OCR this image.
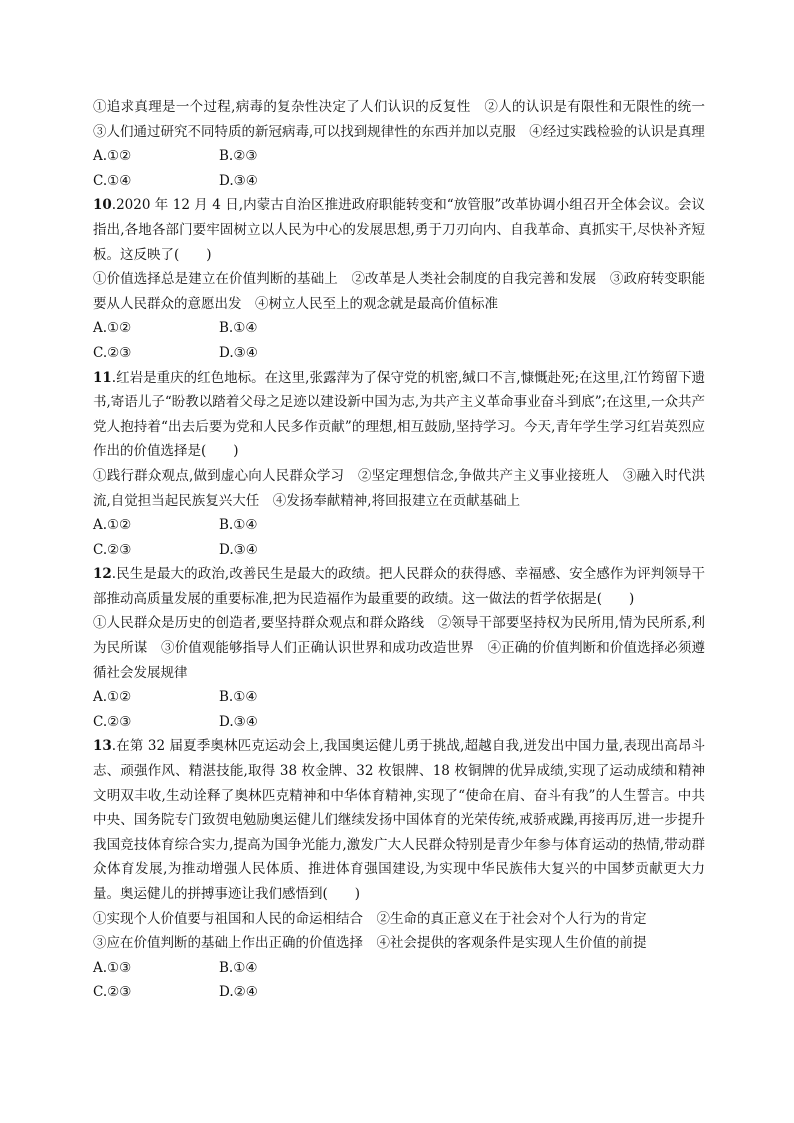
①追求真理是一个过程,病毒的复杂性决定了人们认识的反复性　②人的认识是有限性和无限性的统一　③人们通过研究不同特质的新冠病毒,可以找到规律性的东西并加以克服　④经过实践检验的认识是真理

A.①②	B.②③
C.①④	D.③④

10.2020 年 12 月 4 日,内蒙古自治区推进政府职能转变和“放管服”改革协调小组召开全体会议。会议指出,各地各部门要牢固树立以人民为中心的发展思想,勇于刀刃向内、自我革命、真抓实干,尽快补齐短板。这反映了(　　)

①价值选择总是建立在价值判断的基础上　②改革是人类社会制度的自我完善和发展　③政府转变职能要从人民群众的意愿出发　④树立人民至上的观念就是最高价值标准

A.①②	B.①④
C.②③	D.③④

11.红岩是重庆的红色地标。在这里,张露萍为了保守党的机密,缄口不言,慷慨赴死;在这里,江竹筠留下遗书,寄语儿子“盼教以踏着父母之足迹以建设新中国为志,为共产主义革命事业奋斗到底”;在这里,一众共产党人抱持着“出去后要为党和人民多作贡献”的理想,相互鼓励,坚持学习。今天,青年学生学习红岩英烈应作出的价值选择是(　　)

①践行群众观点,做到虚心向人民群众学习　②坚定理想信念,争做共产主义事业接班人　③融入时代洪流,自觉担当起民族复兴大任　④发扬奉献精神,将回报建立在贡献基础上

A.①②	B.①④
C.②③	D.③④

12.民生是最大的政治,改善民生是最大的政绩。把人民群众的获得感、幸福感、安全感作为评判领导干部推动高质量发展的重要标准,把为民造福作为最重要的政绩。这一做法的哲学依据是(　　)

①人民群众是历史的创造者,要坚持群众观点和群众路线　②领导干部要坚持权为民所用,情为民所系,利为民所谋　③价值观能够指导人们正确认识世界和成功改造世界　④正确的价值判断和价值选择必须遵循社会发展规律

A.①②	B.①④
C.②③	D.③④

13.在第 32 届夏季奥林匹克运动会上,我国奥运健儿勇于挑战,超越自我,迸发出中国力量,表现出高昂斗志、顽强作风、精湛技能,取得 38 枚金牌、32 枚银牌、18 枚铜牌的优异成绩,实现了运动成绩和精神文明双丰收,生动诠释了奥林匹克精神和中华体育精神,实现了“使命在肩、奋斗有我”的人生誓言。中共中央、国务院专门致贺电勉励奥运健儿们继续发扬中国体育的光荣传统,戒骄戒躁,再接再厉,进一步提升我国竞技体育综合实力,提高为国争光能力,激发广大人民群众特别是青少年参与体育运动的热情,带动群众体育发展,为推动增强人民体质、推进体育强国建设,为实现中华民族伟大复兴的中国梦贡献更大力量。奥运健儿的拼搏事迹让我们感悟到(　　)

①实现个人价值要与祖国和人民的命运相结合　②生命的真正意义在于社会对个人行为的肯定

③应在价值判断的基础上作出正确的价值选择　④社会提供的客观条件是实现人生价值的前提

A.①③	B.①④
C.②③	D.②④
